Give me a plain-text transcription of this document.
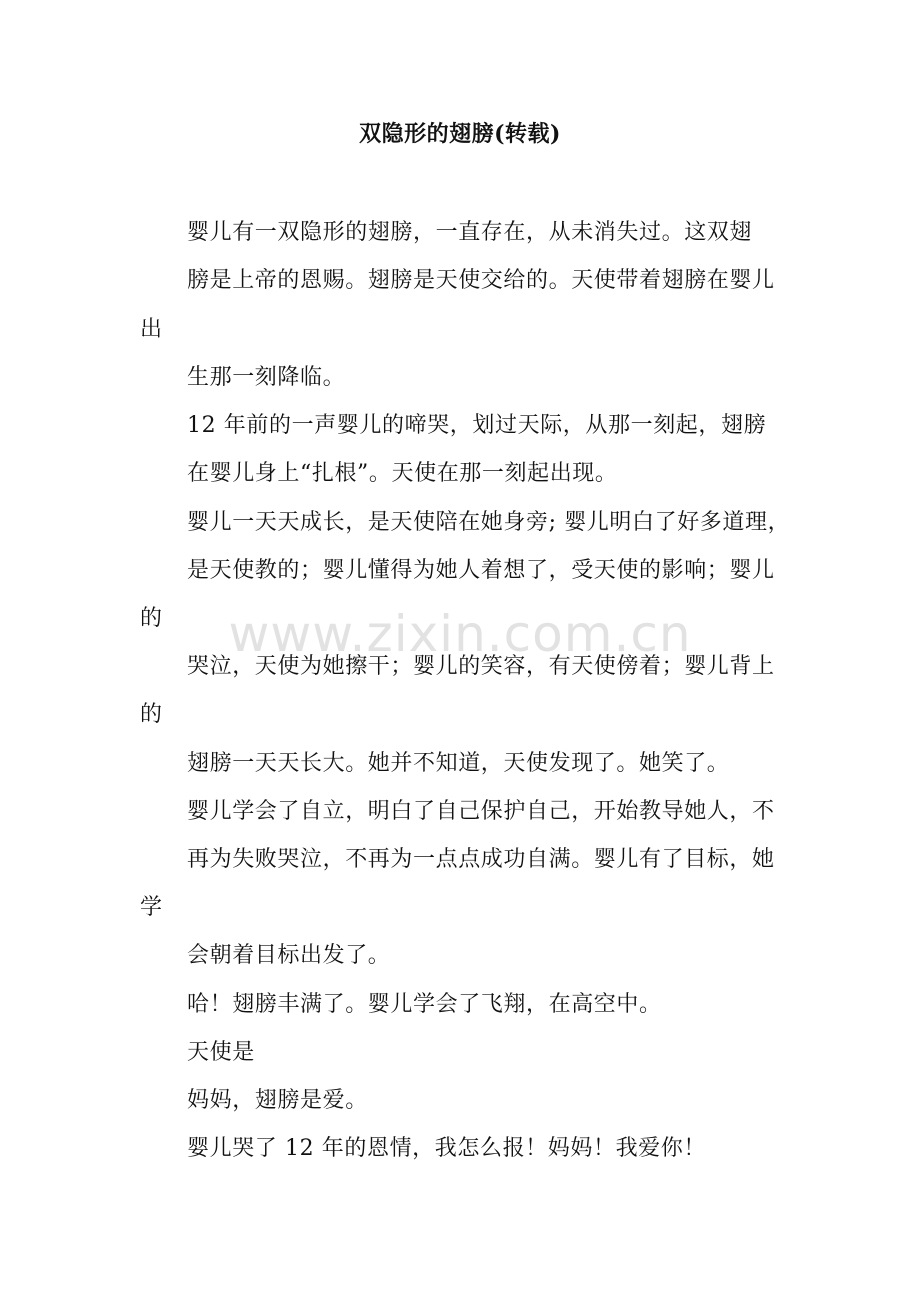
双隐形的翅膀(转载)
婴儿有一双隐形的翅膀，一直存在，从未消失过。这双翅
膀是上帝的恩赐。翅膀是天使交给的。天使带着翅膀在婴儿
出
生那一刻降临。
12 年前的一声婴儿的啼哭，划过天际，从那一刻起，翅膀
在婴儿身上“扎根”。天使在那一刻起出现。
婴儿一天天成长，是天使陪在她身旁; 婴儿明白了好多道理，
是天使教的；婴儿懂得为她人着想了，受天使的影响；婴儿
的
哭泣，天使为她擦干；婴儿的笑容，有天使傍着；婴儿背上
的
翅膀一天天长大。她并不知道，天使发现了。她笑了。
婴儿学会了自立，明白了自己保护自己，开始教导她人，不
再为失败哭泣，不再为一点点成功自满。婴儿有了目标，她
学
会朝着目标出发了。
哈！翅膀丰满了。婴儿学会了飞翔，在高空中。
天使是
妈妈，翅膀是爱。
婴儿哭了 12 年的恩情，我怎么报！妈妈！我爱你！
www.zixin.com.cn
